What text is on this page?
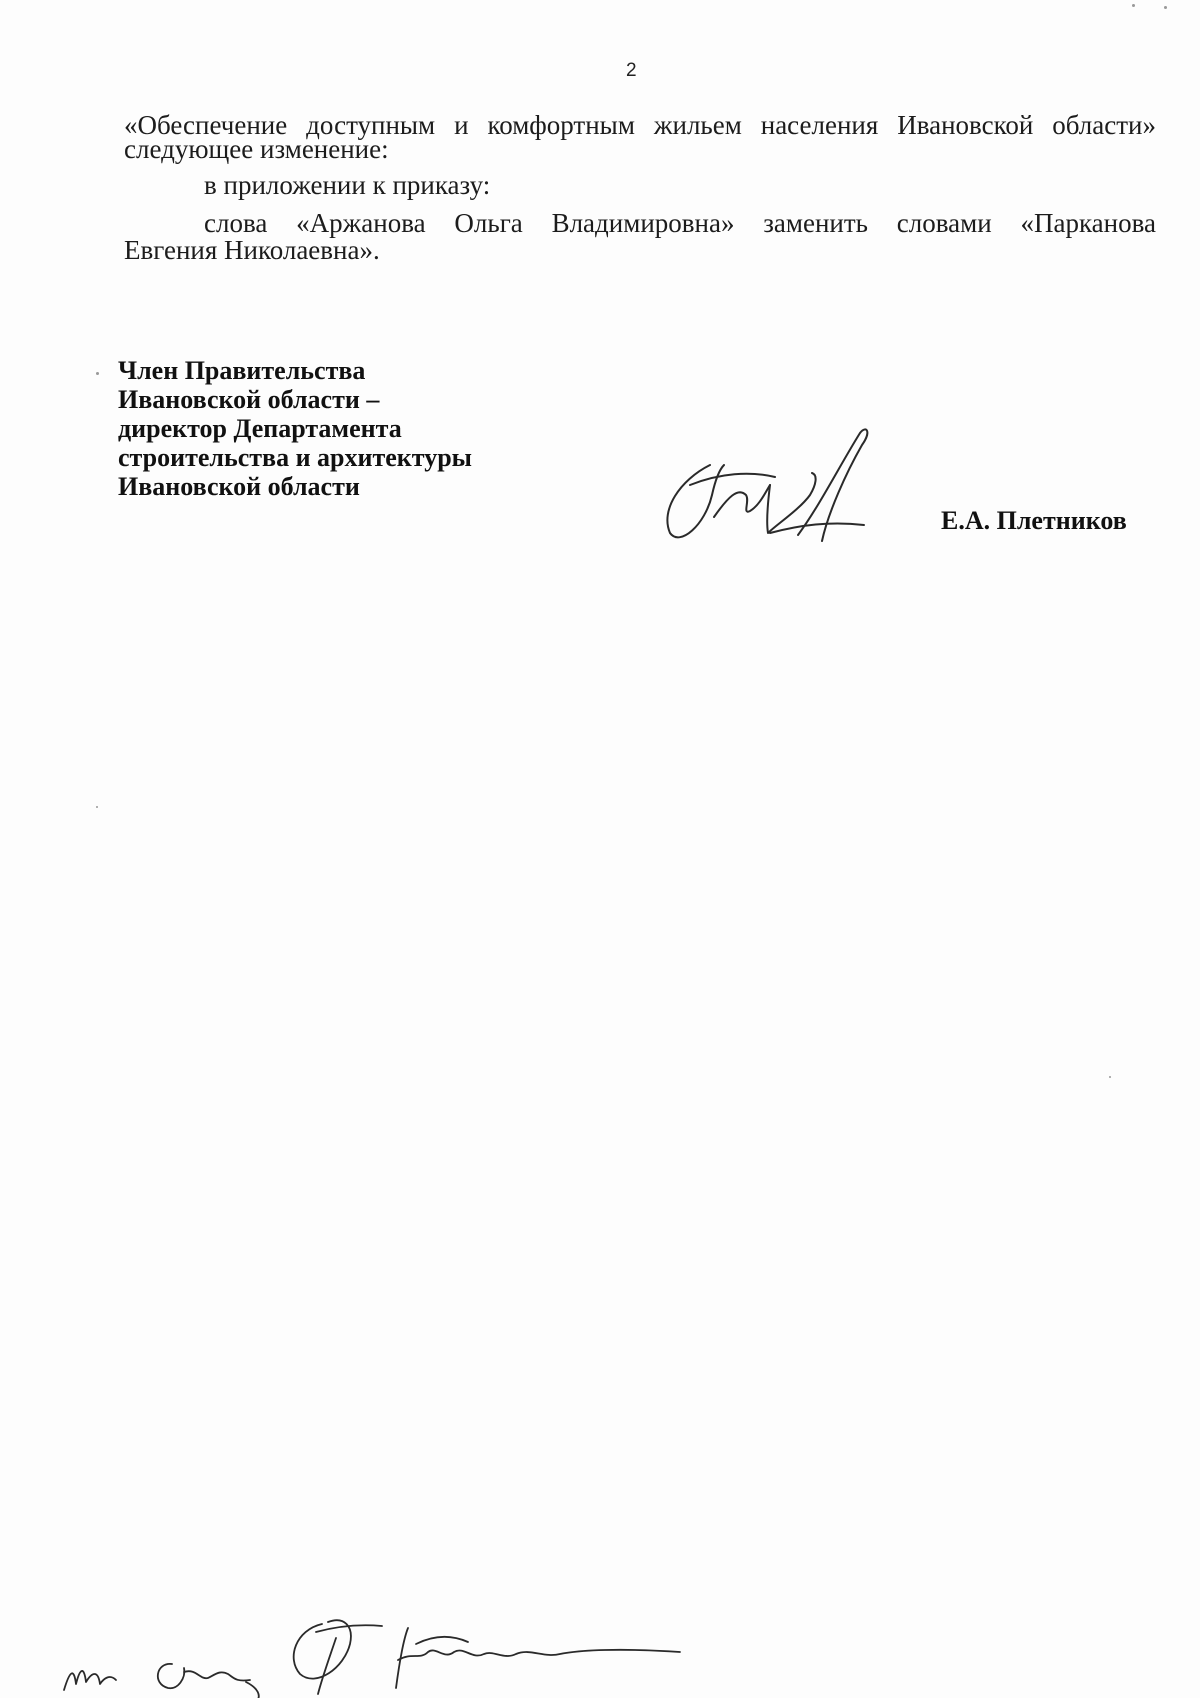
2
«Обеспечение доступным и комфортным жильем населения Ивановской области»
следующее изменение:
в приложении к приказу:
слова «Аржанова Ольга Владимировна» заменить словами «Парканова
Евгения Николаевна».
Член Правительства
Ивановской области –
директор Департамента
строительства и архитектуры
Ивановской области
Е.А. Плетников
